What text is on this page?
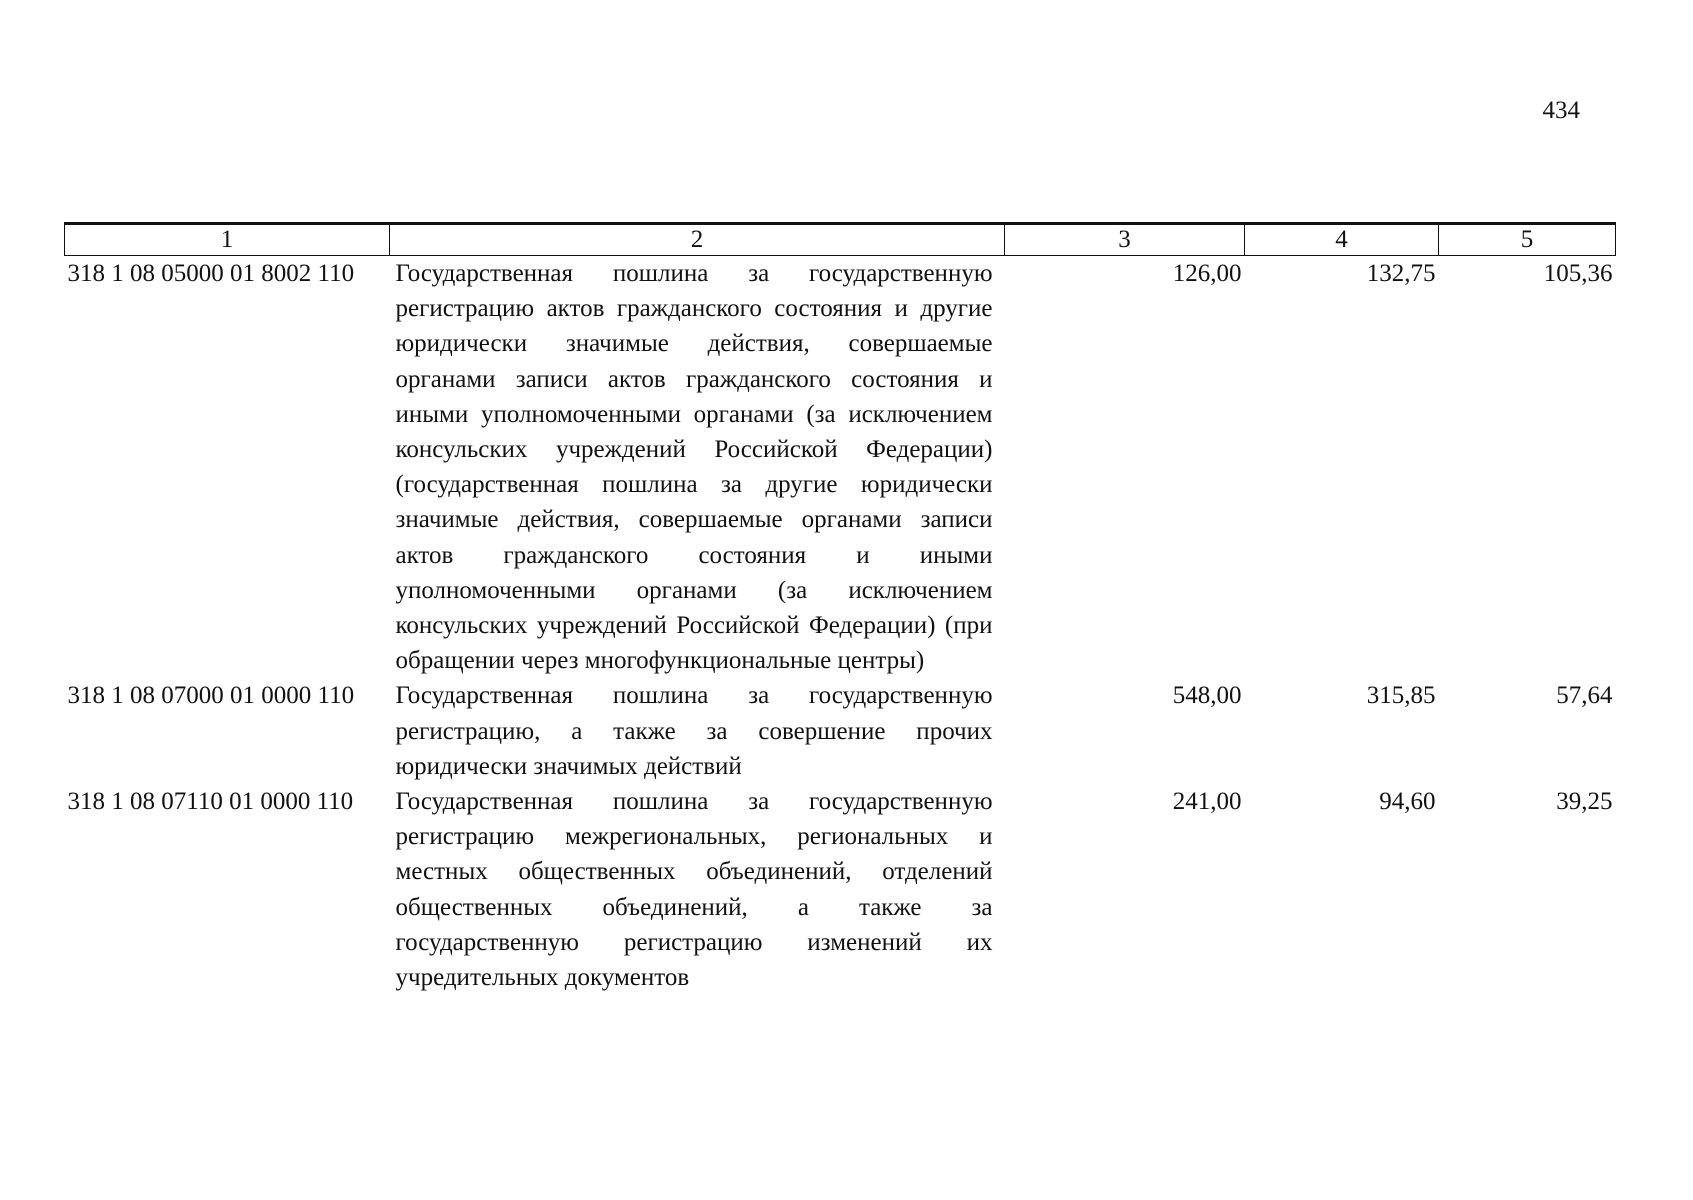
434
1	2	3	4	5
318 1 08 05000 01 8002 110	Государственная пошлина за государственную регистрацию актов гражданского состояния и другие юридически значимые действия, совершаемые органами записи актов гражданского состояния и иными уполномоченными органами (за исключением консульских учреждений Российской Федерации) (государственная пошлина за другие юридически значимые действия, совершаемые органами записи актов гражданского состояния и иными уполномоченными органами (за исключением консульских учреждений Российской Федерации) (при обращении через многофункциональные центры)	126,00	132,75	105,36
318 1 08 07000 01 0000 110	Государственная пошлина за государственную регистрацию, а также за совершение прочих юридически значимых действий	548,00	315,85	57,64
318 1 08 07110 01 0000 110	Государственная пошлина за государственную регистрацию межрегиональных, региональных и местных общественных объединений, отделений общественных объединений, а также за государственную регистрацию изменений их учредительных документов	241,00	94,60	39,25
